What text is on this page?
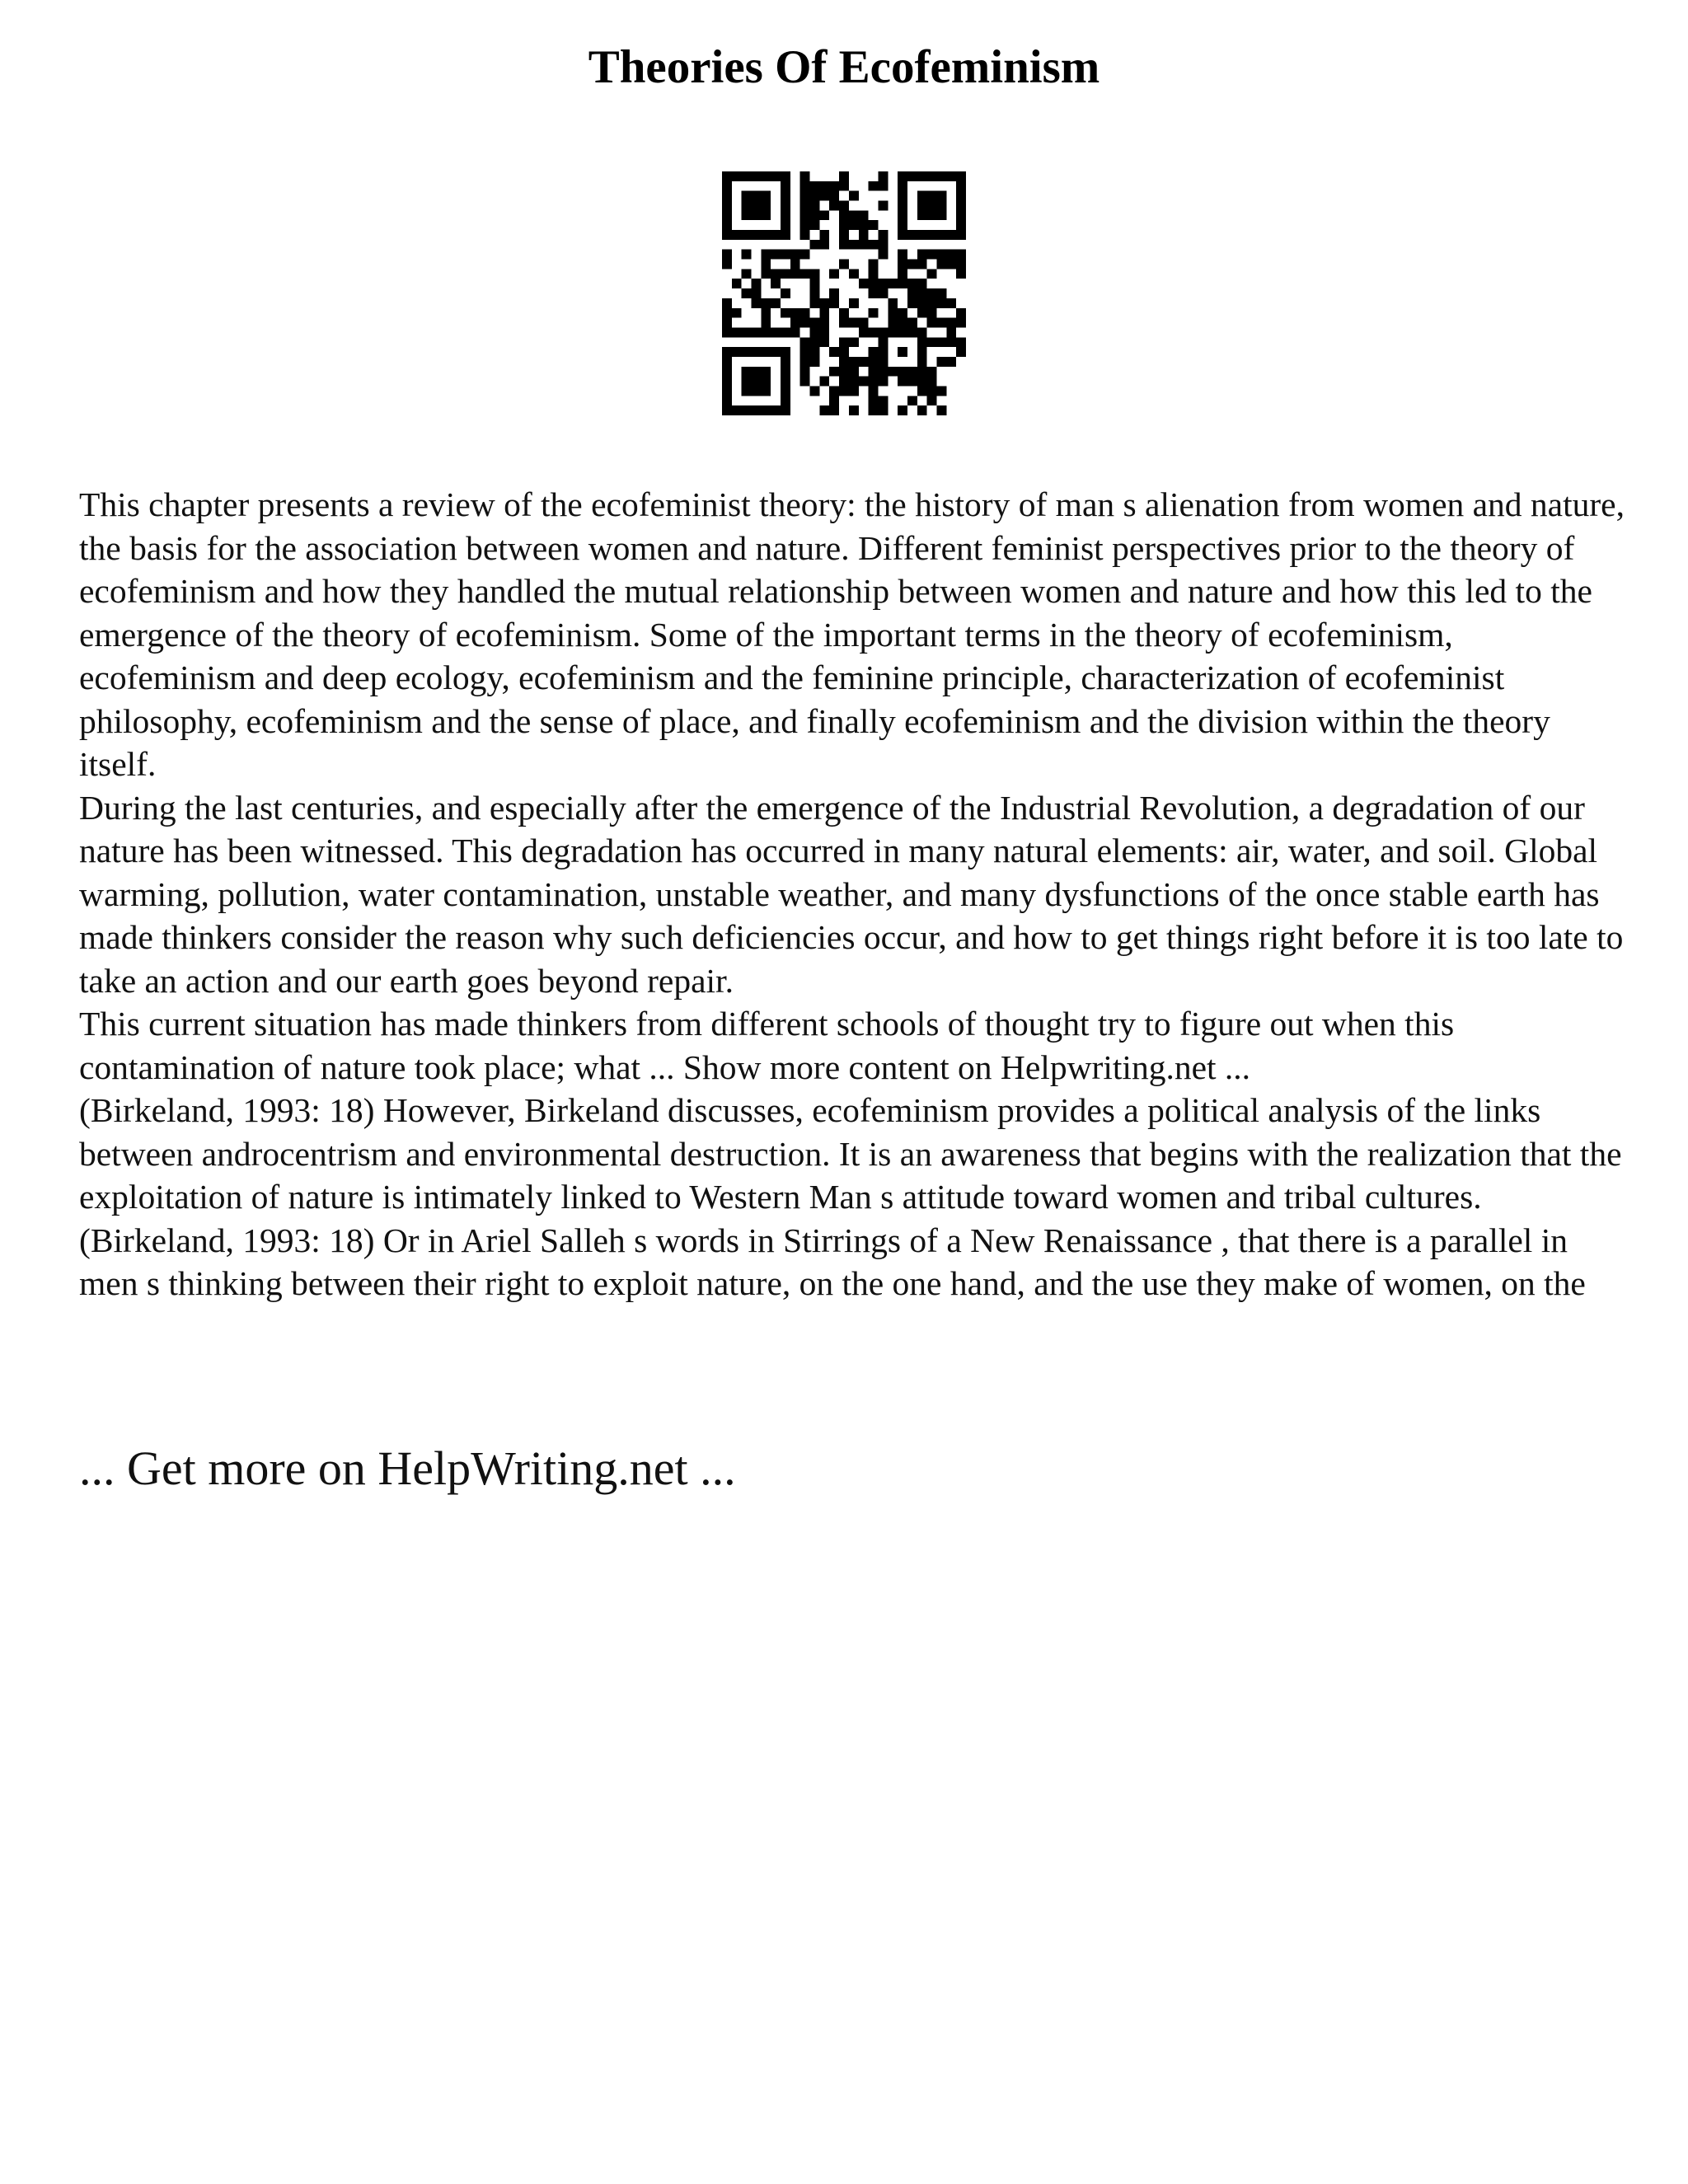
Theories Of Ecofeminism

This chapter presents a review of the ecofeminist theory: the history of man s alienation from women and nature, the basis for the association between women and nature. Different feminist perspectives prior to the theory of ecofeminism and how they handled the mutual relationship between women and nature and how this led to the emergence of the theory of ecofeminism. Some of the important terms in the theory of ecofeminism, ecofeminism and deep ecology, ecofeminism and the feminine principle, characterization of ecofeminist philosophy, ecofeminism and the sense of place, and finally ecofeminism and the division within the theory itself.

During the last centuries, and especially after the emergence of the Industrial Revolution, a degradation of our nature has been witnessed. This degradation has occurred in many natural elements: air, water, and soil. Global warming, pollution, water contamination, unstable weather, and many dysfunctions of the once stable earth has made thinkers consider the reason why such deficiencies occur, and how to get things right before it is too late to take an action and our earth goes beyond repair.

This current situation has made thinkers from different schools of thought try to figure out when this contamination of nature took place; what ... Show more content on Helpwriting.net ...

(Birkeland, 1993: 18) However, Birkeland discusses, ecofeminism provides a political analysis of the links between androcentrism and environmental destruction. It is an awareness that begins with the realization that the exploitation of nature is intimately linked to Western Man s attitude toward women and tribal cultures. (Birkeland, 1993: 18) Or in Ariel Salleh s words in Stirrings of a New Renaissance , that there is a parallel in men s thinking between their right to exploit nature, on the one hand, and the use they make of women, on the

... Get more on HelpWriting.net ...
